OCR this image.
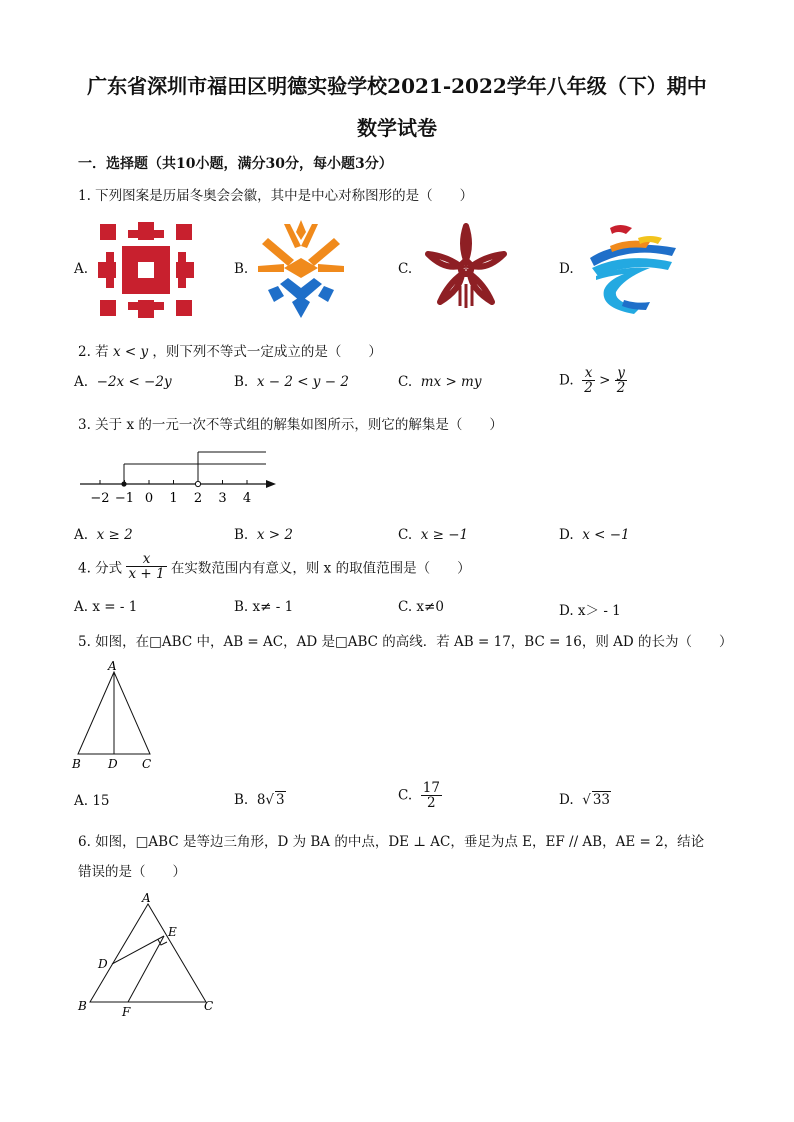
广东省深圳市福田区明德实验学校2021-2022学年八年级（下）期中
数学试卷
一．选择题（共10小题，满分30分，每小题3分）
1. 下列图案是历届冬奥会会徽，其中是中心对称图形的是（　　）
A.	B.	C.	D.
2. 若 x < y ，则下列不等式一定成立的是（　　）
A. −2x < −2y	B. x − 2 < y − 2	C. mx > my	D. $\frac{x}{2} > \frac{y}{2}$
3. 关于 x 的一元一次不等式组的解集如图所示，则它的解集是（　　）
−2 −1 0 1 2 3 4
A. x ≥ 2	B. x > 2	C. x ≥ −1	D. x < −1
4. 分式 $\frac{x}{x + 1}$ 在实数范围内有意义，则 x 的取值范围是（　　）
A. x = - 1	B. x≠ - 1	C. x≠0	D. x＞ - 1
5. 如图，在□ABC 中，AB = AC，AD 是□ABC 的高线．若 AB = 17，BC = 16，则 AD 的长为（　　）
A
B D C
A. 15	B. 8√ 3	C. $\frac{17}{2}$	D. √ 33
6. 如图，□ABC 是等边三角形，D 为 BA 的中点，DE ⊥ AC，垂足为点 E，EF // AB，AE = 2，结论
错误的是（　　）
A
E
D
B	F	C
